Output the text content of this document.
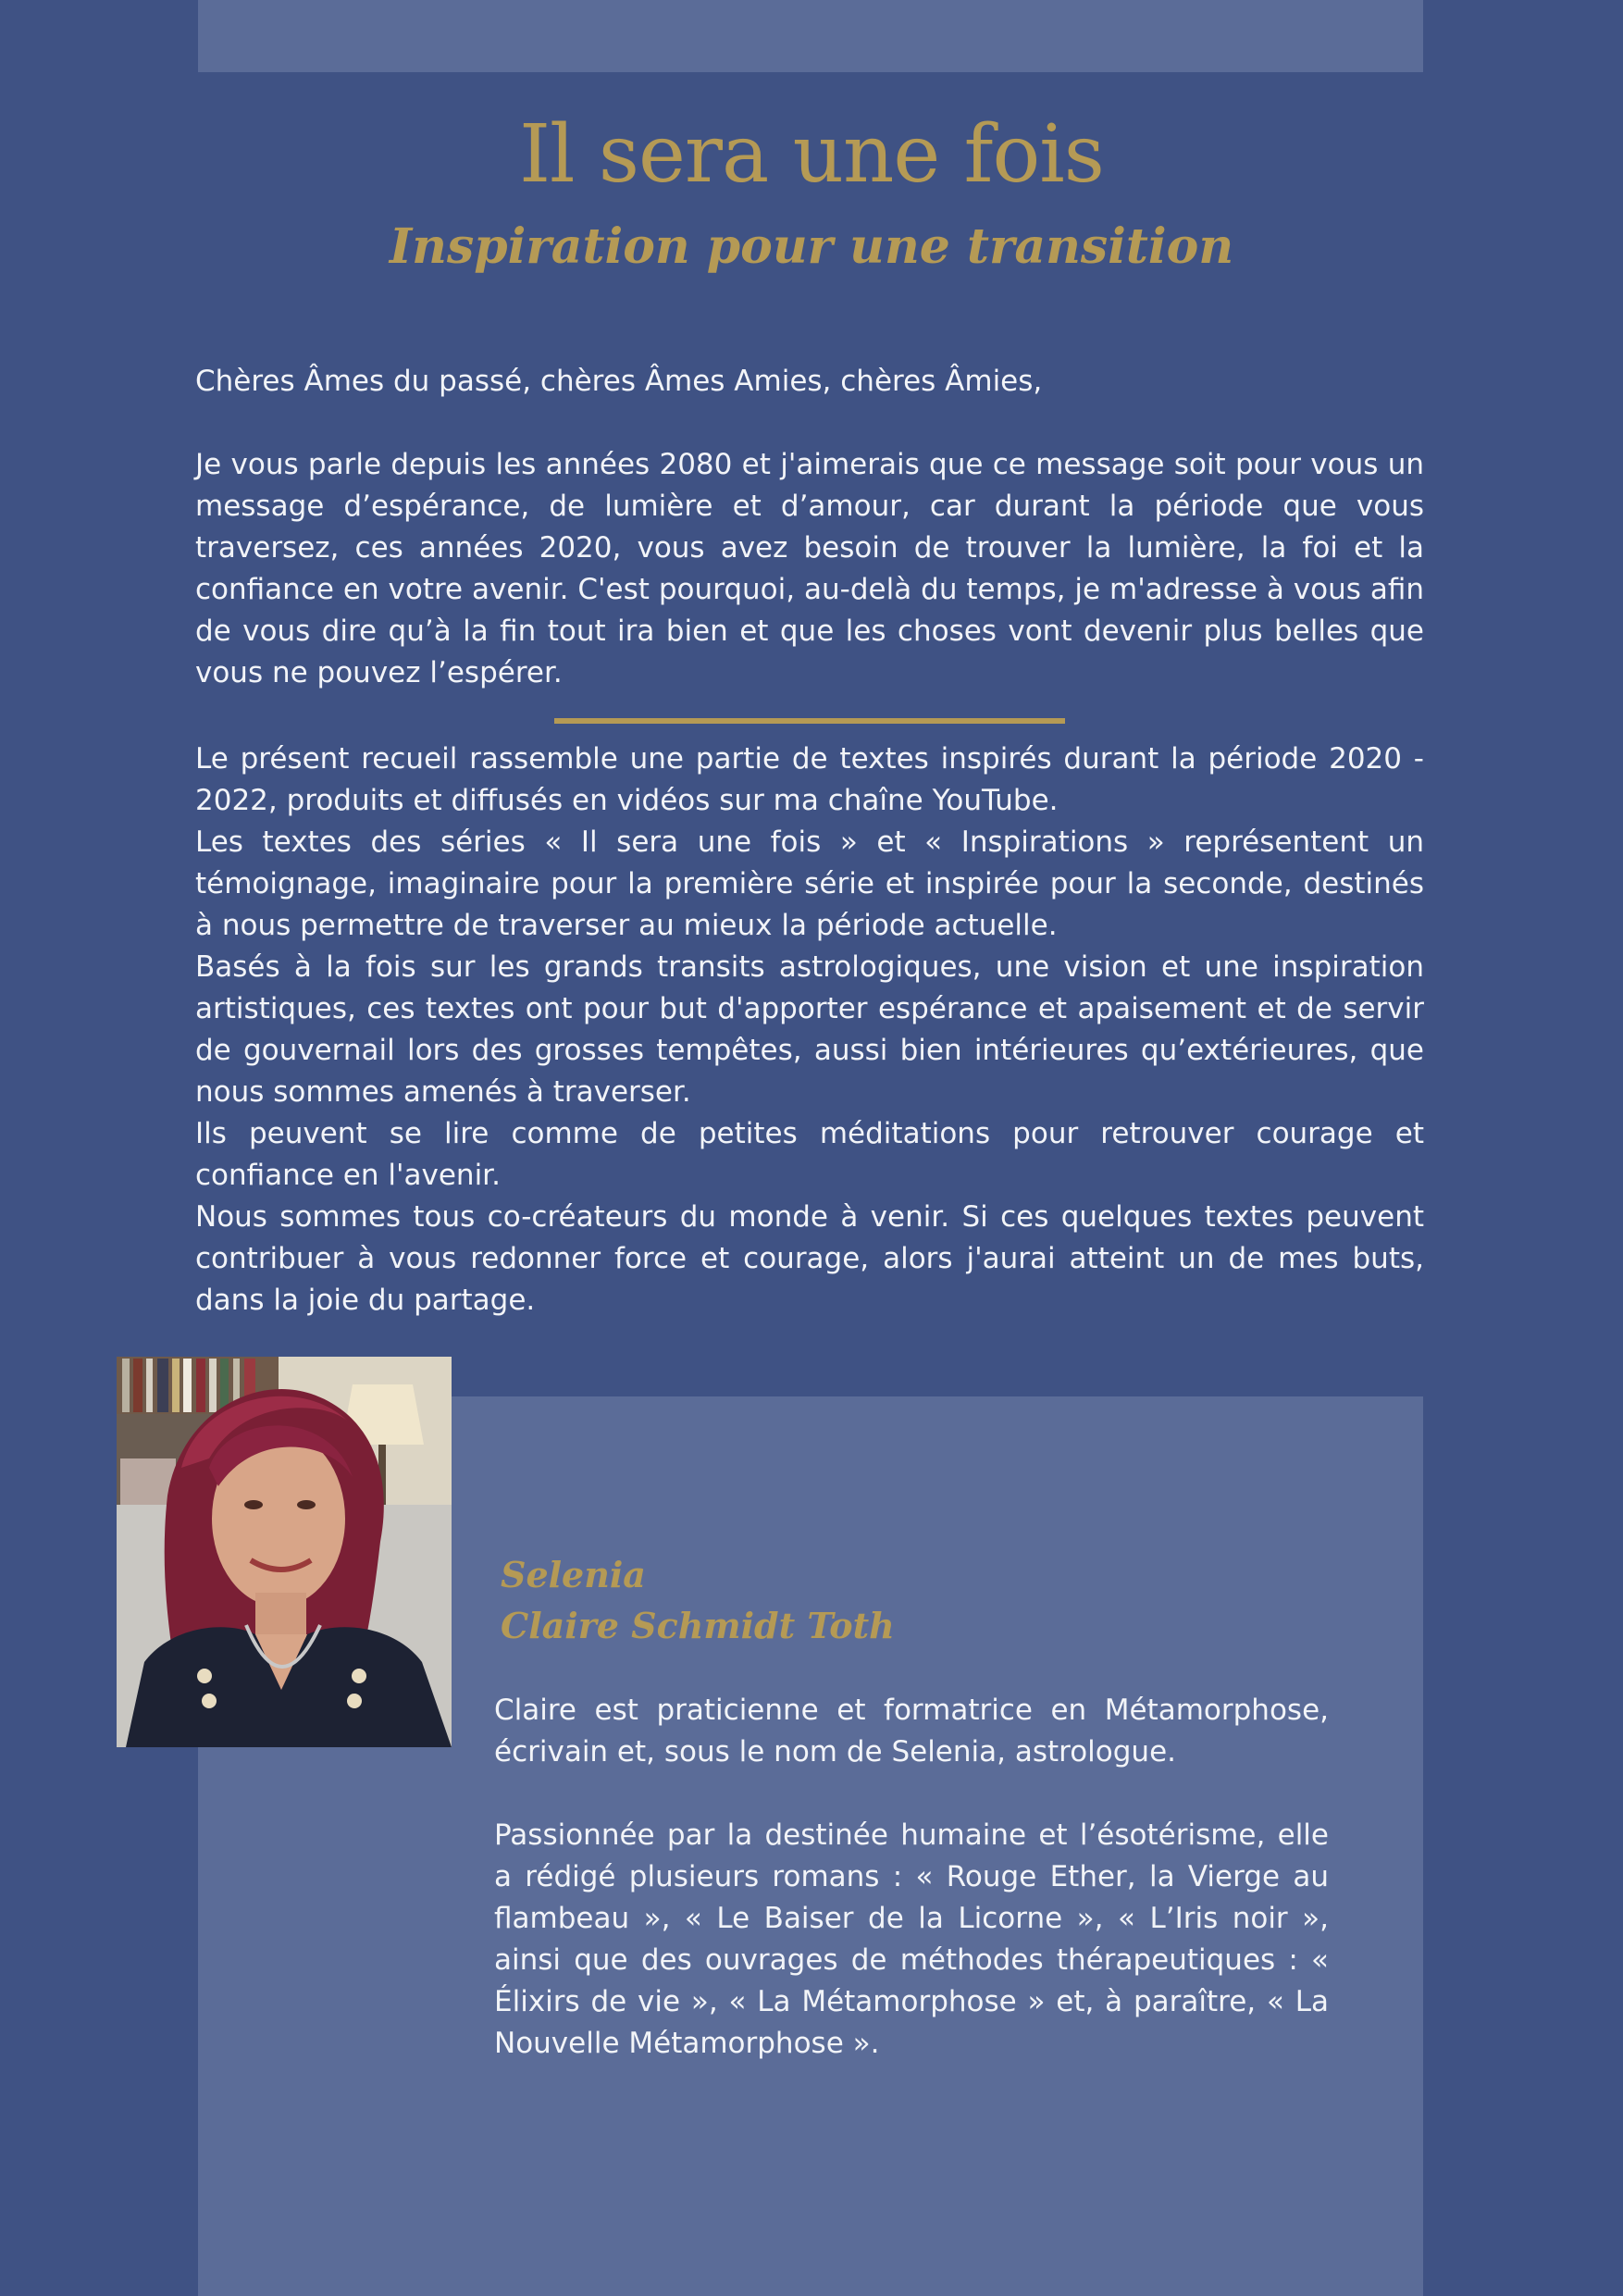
Il sera une fois
Inspiration pour une transition

Chères Âmes du passé, chères Âmes Amies, chères Âmies,

Je vous parle depuis les années 2080 et j'aimerais que ce message soit pour vous un message d’espérance, de lumière et d’amour, car durant la période que vous traversez, ces années 2020, vous avez besoin de trouver la lumière, la foi et la confiance en votre avenir. C'est pourquoi, au-delà du temps, je m'adresse à vous afin de vous dire qu’à la fin tout ira bien et que les choses vont devenir plus belles que vous ne pouvez l’espérer.

Le présent recueil rassemble une partie de textes inspirés durant la période 2020 - 2022, produits et diffusés en vidéos sur ma chaîne YouTube.

Les textes des séries « Il sera une fois » et « Inspirations » représentent un témoignage, imaginaire pour la première série et inspirée pour la seconde, destinés à nous permettre de traverser au mieux la période actuelle.

Basés à la fois sur les grands transits astrologiques, une vision et une inspiration artistiques, ces textes ont pour but d'apporter espérance et apaisement et de servir de gouvernail lors des grosses tempêtes, aussi bien intérieures qu’extérieures, que nous sommes amenés à traverser.

Ils peuvent se lire comme de petites méditations pour retrouver courage et confiance en l'avenir.

Nous sommes tous co-créateurs du monde à venir. Si ces quelques textes peuvent contribuer à vous redonner force et courage, alors j'aurai atteint un de mes buts, dans la joie du partage.

Selenia
Claire Schmidt Toth

Claire est praticienne et formatrice en Métamorphose, écrivain et, sous le nom de Selenia, astrologue.

Passionnée par la destinée humaine et l’ésotérisme, elle a rédigé plusieurs romans : « Rouge Ether, la Vierge au flambeau », « Le Baiser de la Licorne », « L’Iris noir », ainsi que des ouvrages de méthodes thérapeutiques : « Élixirs de vie », « La Métamorphose » et, à paraître, « La Nouvelle Métamorphose ».
